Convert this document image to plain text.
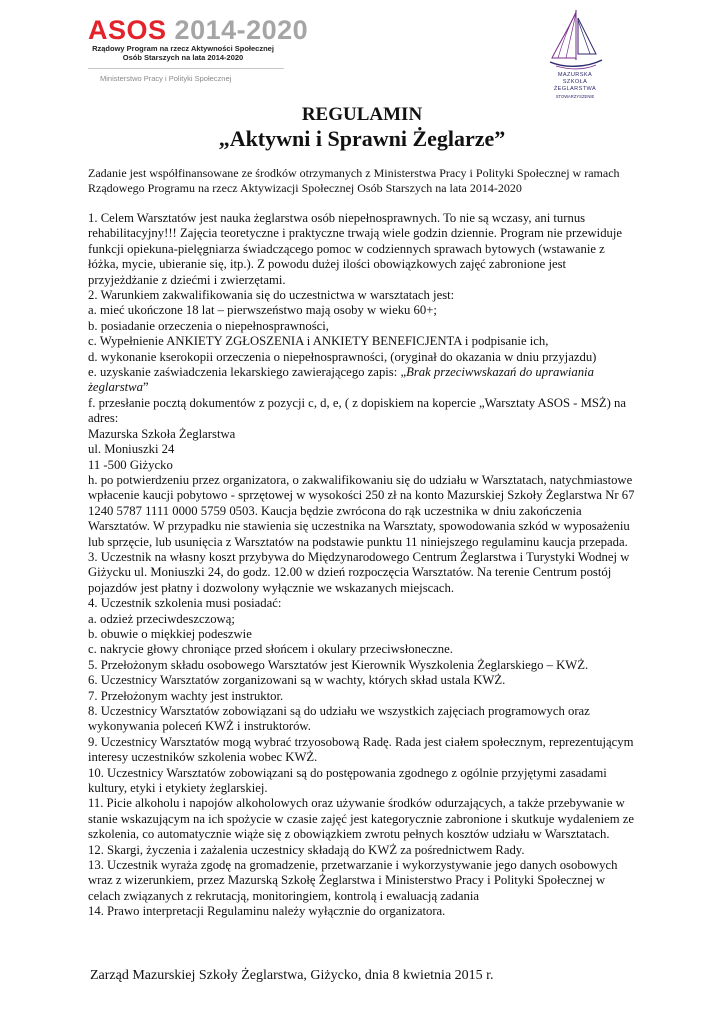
ASOS 2014-2020
Rządowy Program na rzecz Aktywności Społecznej
Osób Starszych na lata 2014-2020
Ministerstwo Pracy i Polityki Społecznej	MAZURSKA
SZKOŁA
ŻEGLARSTWA
STOWARZYSZENIE
REGULAMIN
„Aktywni i Sprawni Żeglarze”
Zadanie jest współfinansowane ze środków otrzymanych z Ministerstwa Pracy i Polityki Społecznej w ramach Rządowego Programu na rzecz Aktywizacji Społecznej Osób Starszych na lata 2014-2020

1. Celem Warsztatów jest nauka żeglarstwa osób niepełnosprawnych. To nie są wczasy, ani turnus rehabilitacyjny!!! Zajęcia teoretyczne i praktyczne trwają wiele godzin dziennie. Program nie przewiduje funkcji opiekuna-pielęgniarza świadczącego pomoc w codziennych sprawach bytowych (wstawanie z łóżka, mycie, ubieranie się, itp.). Z powodu dużej ilości obowiązkowych zajęć zabronione jest przyjeżdżanie z dziećmi i zwierzętami.

2. Warunkiem zakwalifikowania się do uczestnictwa w warsztatach jest:

a. mieć ukończone 18 lat – pierwszeństwo mają osoby w wieku 60+;

b. posiadanie orzeczenia o niepełnosprawności,

c. Wypełnienie ANKIETY ZGŁOSZENIA i ANKIETY BENEFICJENTA i podpisanie ich,

d. wykonanie kserokopii orzeczenia o niepełnosprawności, (oryginał do okazania w dniu przyjazdu)

e. uzyskanie zaświadczenia lekarskiego zawierającego zapis: „Brak przeciwwskazań do uprawiania żeglarstwa”

f. przesłanie pocztą dokumentów z pozycji c, d, e, ( z dopiskiem na kopercie „Warsztaty ASOS - MSŻ) na adres:

Mazurska Szkoła Żeglarstwa

ul. Moniuszki 24

11 -500 Giżycko

h. po potwierdzeniu przez organizatora, o zakwalifikowaniu się do udziału w Warsztatach, natychmiastowe wpłacenie kaucji pobytowo - sprzętowej w wysokości 250 zł na konto Mazurskiej Szkoły Żeglarstwa Nr 67 1240 5787 1111 0000 5759 0503. Kaucja będzie zwrócona do rąk uczestnika w dniu zakończenia Warsztatów. W przypadku nie stawienia się uczestnika na Warsztaty, spowodowania szkód w wyposażeniu lub sprzęcie, lub usunięcia z Warsztatów na podstawie punktu 11 niniejszego regulaminu kaucja przepada.

3. Uczestnik na własny koszt przybywa do Międzynarodowego Centrum Żeglarstwa i Turystyki Wodnej w Giżycku ul. Moniuszki 24, do godz. 12.00 w dzień rozpoczęcia Warsztatów. Na terenie Centrum postój pojazdów jest płatny i dozwolony wyłącznie we wskazanych miejscach.

4. Uczestnik szkolenia musi posiadać:

a. odzież przeciwdeszczową;

b. obuwie o miękkiej podeszwie

c. nakrycie głowy chroniące przed słońcem i okulary przeciwsłoneczne.

5. Przełożonym składu osobowego Warsztatów jest Kierownik Wyszkolenia Żeglarskiego – KWŻ.

6. Uczestnicy Warsztatów zorganizowani są w wachty, których skład ustala KWŻ.

7. Przełożonym wachty jest instruktor.

8. Uczestnicy Warsztatów zobowiązani są do udziału we wszystkich zajęciach programowych oraz wykonywania poleceń KWŻ i instruktorów.

9. Uczestnicy Warsztatów mogą wybrać trzyosobową Radę. Rada jest ciałem społecznym, reprezentującym interesy uczestników szkolenia wobec KWŻ.

10. Uczestnicy Warsztatów zobowiązani są do postępowania zgodnego z ogólnie przyjętymi zasadami kultury, etyki i etykiety żeglarskiej.

11. Picie alkoholu i napojów alkoholowych oraz używanie środków odurzających, a także przebywanie w stanie wskazującym na ich spożycie w czasie zajęć jest kategorycznie zabronione i skutkuje wydaleniem ze szkolenia, co automatycznie wiąże się z obowiązkiem zwrotu pełnych kosztów udziału w Warsztatach.

12. Skargi, życzenia i zażalenia uczestnicy składają do KWŻ za pośrednictwem Rady.

13. Uczestnik wyraża zgodę na gromadzenie, przetwarzanie i wykorzystywanie jego danych osobowych wraz z wizerunkiem, przez Mazurską Szkołę Żeglarstwa i Ministerstwo Pracy i Polityki Społecznej w celach związanych z rekrutacją, monitoringiem, kontrolą i ewaluacją zadania

14. Prawo interpretacji Regulaminu należy wyłącznie do organizatora.

Zarząd Mazurskiej Szkoły Żeglarstwa, Giżycko, dnia 8 kwietnia 2015 r.
